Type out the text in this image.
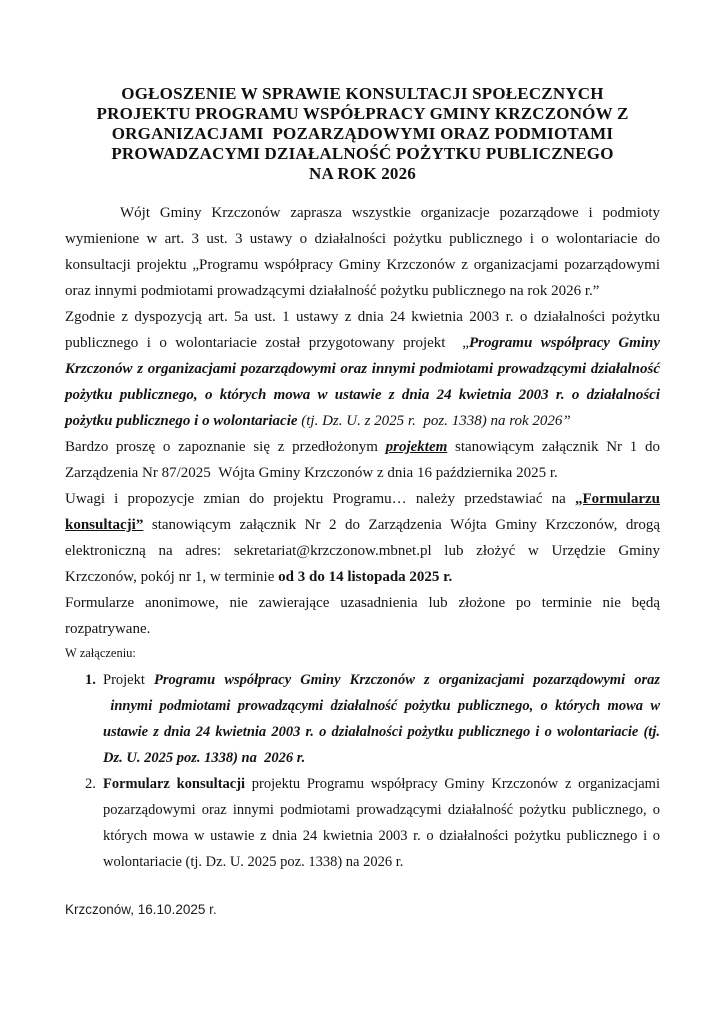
OGŁOSZENIE W SPRAWIE KONSULTACJI SPOŁECZNYCH
PROJEKTU PROGRAMU WSPÓŁPRACY GMINY KRZCZONÓW Z
ORGANIZACJAMI  POZARZĄDOWYMI ORAZ PODMIOTAMI
PROWADZACYMI DZIAŁALNOŚĆ POŻYTKU PUBLICZNEGO
NA ROK 2026

Wójt Gminy Krzczonów zaprasza wszystkie organizacje pozarządowe i podmioty wymienione w art. 3 ust. 3 ustawy o działalności pożytku publicznego i o wolontariacie do konsultacji projektu „Programu współpracy Gminy Krzczonów z organizacjami pozarządowymi oraz innymi podmiotami prowadzącymi działalność pożytku publicznego na rok 2026 r.”

Zgodnie z dyspozycją art. 5a ust. 1 ustawy z dnia 24 kwietnia 2003 r. o działalności pożytku publicznego i o wolontariacie został przygotowany projekt  „Programu współpracy Gminy Krzczonów z organizacjami pozarządowymi oraz innymi podmiotami prowadzącymi działalność pożytku publicznego, o których mowa w ustawie z dnia 24 kwietnia 2003 r. o działalności pożytku publicznego i o wolontariacie (tj. Dz. U. z 2025 r.  poz. 1338) na rok 2026”

Bardzo proszę o zapoznanie się z przedłożonym projektem stanowiącym załącznik Nr 1 do Zarządzenia Nr 87/2025  Wójta Gminy Krzczonów z dnia 16 października 2025 r.

Uwagi i propozycje zmian do projektu Programu… należy przedstawiać na „Formularzu konsultacji” stanowiącym załącznik Nr 2 do Zarządzenia Wójta Gminy Krzczonów, drogą elektroniczną na adres: sekretariat@krzczonow.mbnet.pl lub złożyć w Urzędzie Gminy Krzczonów, pokój nr 1, w terminie od 3 do 14 listopada 2025 r.

Formularze anonimowe, nie zawierające uzasadnienia lub złożone po terminie nie będą rozpatrywane.

W załączeniu:

1. Projekt Programu współpracy Gminy Krzczonów z organizacjami pozarządowymi oraz  innymi podmiotami prowadzącymi działalność pożytku publicznego, o których mowa w ustawie z dnia 24 kwietnia 2003 r. o działalności pożytku publicznego i o wolontariacie (tj. Dz. U. 2025 poz. 1338) na  2026 r.
2. Formularz konsultacji projektu Programu współpracy Gminy Krzczonów z organizacjami pozarządowymi oraz innymi podmiotami prowadzącymi działalność pożytku publicznego, o których mowa w ustawie z dnia 24 kwietnia 2003 r. o działalności pożytku publicznego i o wolontariacie (tj. Dz. U. 2025 poz. 1338) na 2026 r.
Krzczonów, 16.10.2025 r.
